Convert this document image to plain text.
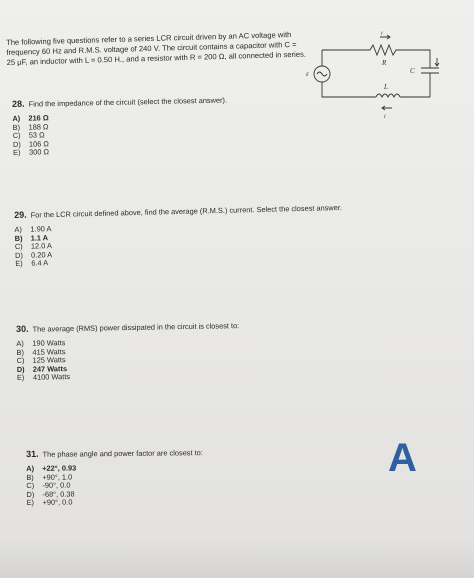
The following five questions refer to a series LCR circuit driven by an AC voltage with frequency 60 Hz and R.M.S. voltage of 240 V. The circuit contains a capacitor with C = 25 μF, an inductor with L = 0.50 H., and a resistor with R = 200 Ω, all connected in series.
i
R
C
L
ε
i
28. Find the impedance of the circuit (select the closest answer).
A)	216 Ω
B)	188 Ω
C)	53 Ω
D)	106 Ω
E)	300 Ω
29. For the LCR circuit defined above, find the average (R.M.S.) current. Select the closest answer.
A)	1.90 A
B)	1.1 A
C)	12.0 A
D)	0.20 A
E)	6.4 A
30. The average (RMS) power dissipated in the circuit is closest to:
A)	190 Watts
B)	415 Watts
C)	125 Watts
D)	247 Watts
E)	4100 Watts
31. The phase angle and power factor are closest to:
A)	+22°, 0.93
B)	+90°, 1.0
C)	-90°, 0.0
D)	-68°, 0.38
E)	+90°, 0.0
A
